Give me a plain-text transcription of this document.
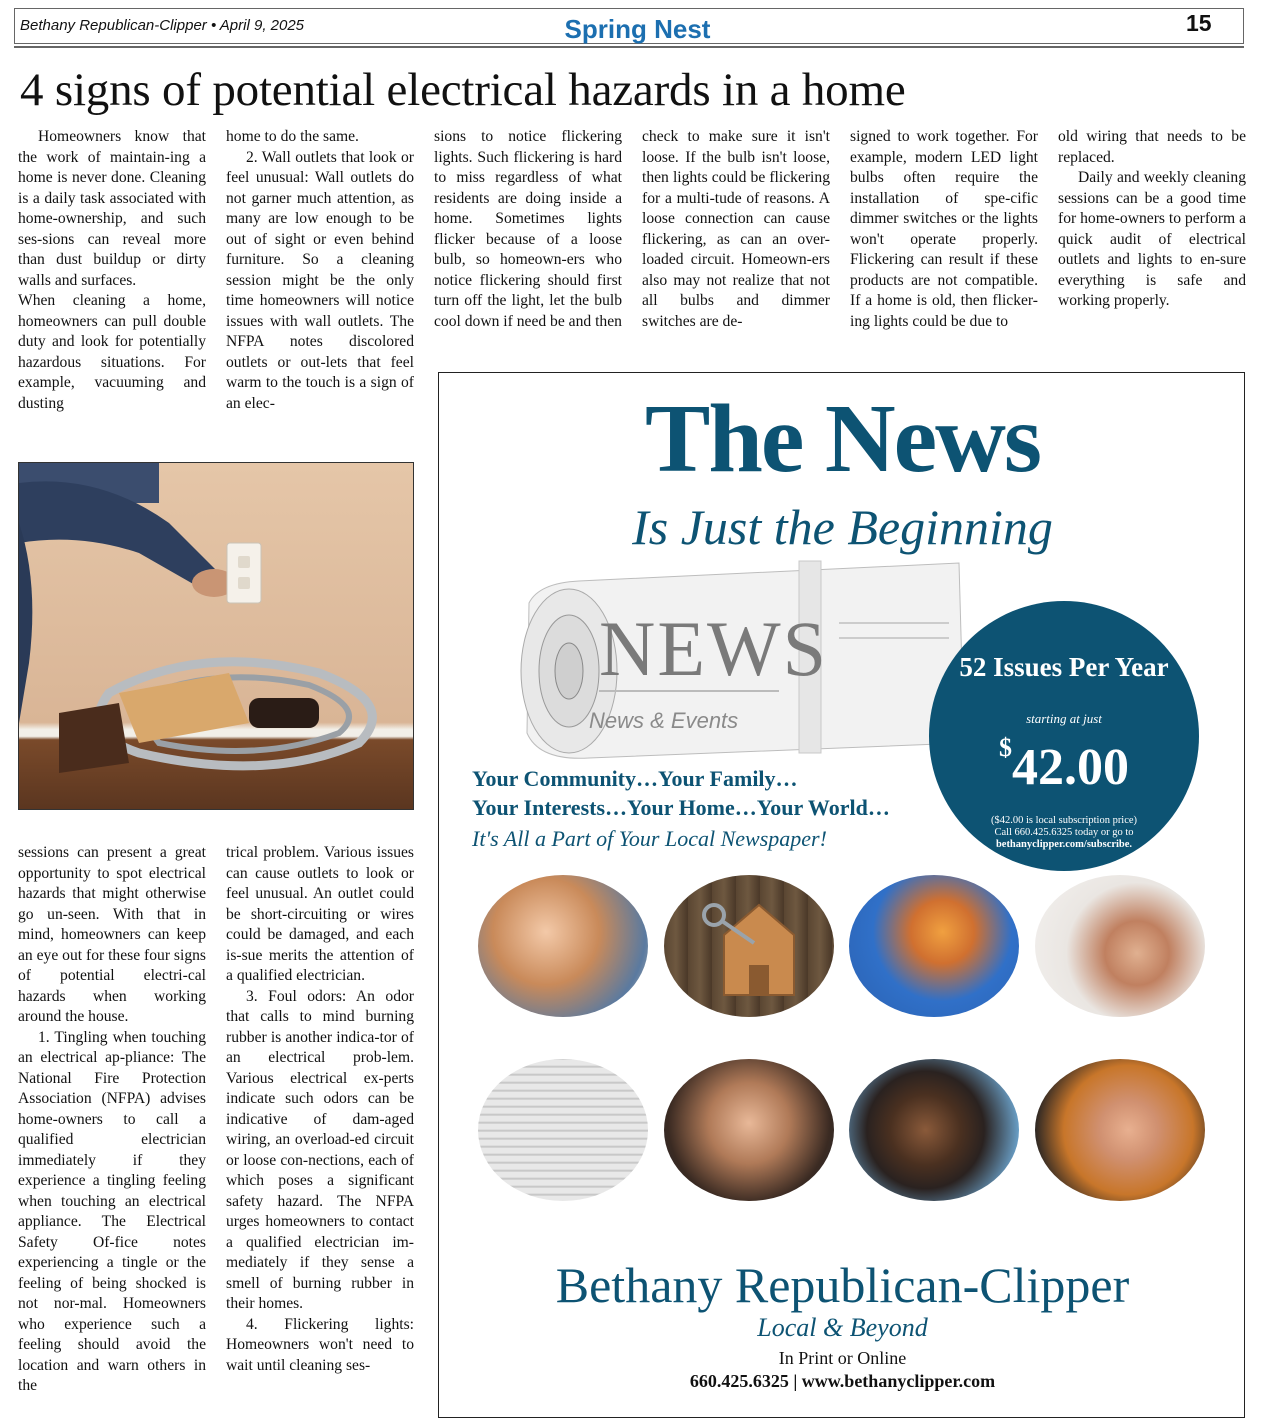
Bethany Republican-Clipper • April 9, 2025	Spring Nest	15
4 signs of potential electrical hazards in a home

Homeowners know that the work of maintain-ing a home is never done. Cleaning is a daily task associated with home-ownership, and such ses-sions can reveal more than dust buildup or dirty walls and surfaces.

When cleaning a home, homeowners can pull double duty and look for potentially hazardous situations. For example, vacuuming and dusting

home to do the same.

2. Wall outlets that look or feel unusual: Wall outlets do not garner much attention, as many are low enough to be out of sight or even behind furniture. So a cleaning session might be the only time homeowners will notice issues with wall outlets. The NFPA notes discolored outlets or out-lets that feel warm to the touch is a sign of an elec-

sions to notice flickering lights. Such flickering is hard to miss regardless of what residents are doing inside a home. Sometimes lights flicker because of a loose bulb, so homeown-ers who notice flickering should first turn off the light, let the bulb cool down if need be and then

check to make sure it isn't loose. If the bulb isn't loose, then lights could be flickering for a multi-tude of reasons. A loose connection can cause flickering, as can an over-loaded circuit. Homeown-ers also may not realize that not all bulbs and dimmer switches are de-

signed to work together. For example, modern LED light bulbs often require the installation of spe-cific dimmer switches or the lights won't operate properly. Flickering can result if these products are not compatible. If a home is old, then flicker-ing lights could be due to

old wiring that needs to be replaced.

Daily and weekly cleaning sessions can be a good time for home-owners to perform a quick audit of electrical outlets and lights to en-sure everything is safe and working properly.

sessions can present a great opportunity to spot electrical hazards that might otherwise go un-seen. With that in mind, homeowners can keep an eye out for these four signs of potential electri-cal hazards when working around the house.

1. Tingling when touching an electrical ap-pliance: The National Fire Protection Association (NFPA) advises home-owners to call a qualified electrician immediately if they experience a tingling feeling when touching an electrical appliance. The Electrical Safety Of-fice notes experiencing a tingle or the feeling of being shocked is not nor-mal. Homeowners who experience such a feeling should avoid the location and warn others in the

trical problem. Various issues can cause outlets to look or feel unusual. An outlet could be short-circuiting or wires could be damaged, and each is-sue merits the attention of a qualified electrician.

3. Foul odors: An odor that calls to mind burning rubber is another indica-tor of an electrical prob-lem. Various electrical ex-perts indicate such odors can be indicative of dam-aged wiring, an overload-ed circuit or loose con-nections, each of which poses a significant safety hazard. The NFPA urges homeowners to contact a qualified electrician im-mediately if they sense a smell of burning rubber in their homes.

4. Flickering lights: Homeowners won't need to wait until cleaning ses-

The News
Is Just the Beginning
NEWS
News & Events
52 Issues Per Year
starting at just
$42.00
($42.00 is local subscription price)
Call 660.425.6325 today or go to
bethanyclipper.com/subscribe.
Your Community…Your Family…
Your Interests…Your Home…Your World…
It's All a Part of Your Local Newspaper!
Bethany Republican-Clipper
Local & Beyond
In Print or Online
660.425.6325 | www.bethanyclipper.com
